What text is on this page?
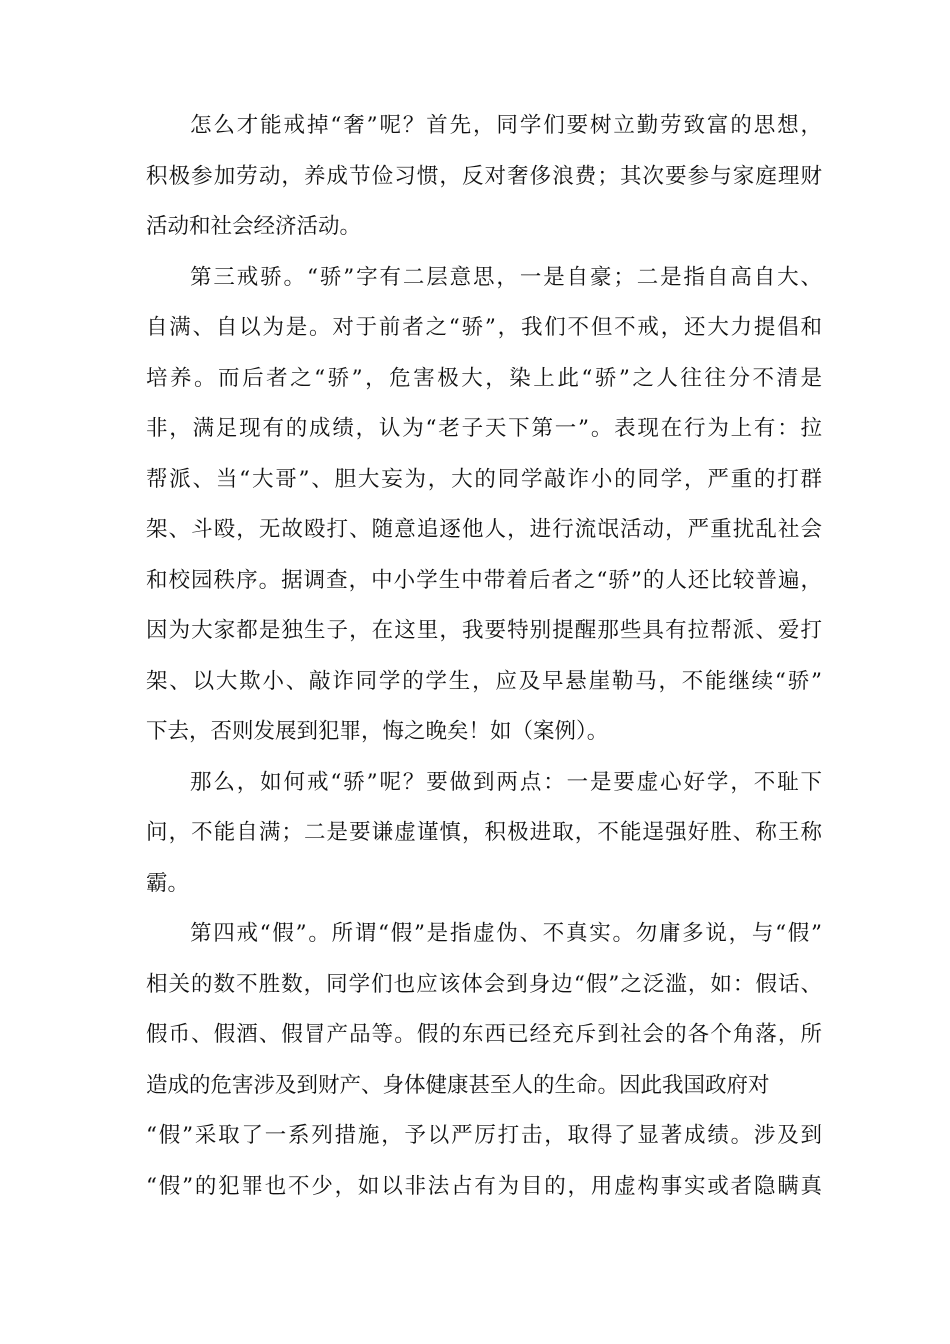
怎么才能戒掉“奢”呢？首先，同学们要树立勤劳致富的思想，
积极参加劳动，养成节俭习惯，反对奢侈浪费；其次要参与家庭理财
活动和社会经济活动。
第三戒骄。“骄”字有二层意思，一是自豪；二是指自高自大、
自满、自以为是。对于前者之“骄”，我们不但不戒，还大力提倡和
培养。而后者之“骄”，危害极大，染上此“骄”之人往往分不清是
非，满足现有的成绩，认为“老子天下第一”。表现在行为上有：拉
帮派、当“大哥”、胆大妄为，大的同学敲诈小的同学，严重的打群
架、斗殴，无故殴打、随意追逐他人，进行流氓活动，严重扰乱社会
和校园秩序。据调查，中小学生中带着后者之“骄”的人还比较普遍，
因为大家都是独生子，在这里，我要特别提醒那些具有拉帮派、爱打
架、以大欺小、敲诈同学的学生，应及早悬崖勒马，不能继续“骄”
下去，否则发展到犯罪，悔之晚矣！如（案例）。
那么，如何戒“骄”呢？要做到两点：一是要虚心好学，不耻下
问，不能自满；二是要谦虚谨慎，积极进取，不能逞强好胜、称王称
霸。
第四戒“假”。所谓“假”是指虚伪、不真实。勿庸多说，与“假”
相关的数不胜数，同学们也应该体会到身边“假”之泛滥，如：假话、
假币、假酒、假冒产品等。假的东西已经充斥到社会的各个角落，所
造成的危害涉及到财产、身体健康甚至人的生命。因此我国政府对
“假”采取了一系列措施，予以严厉打击，取得了显著成绩。涉及到
“假”的犯罪也不少，如以非法占有为目的，用虚构事实或者隐瞒真
